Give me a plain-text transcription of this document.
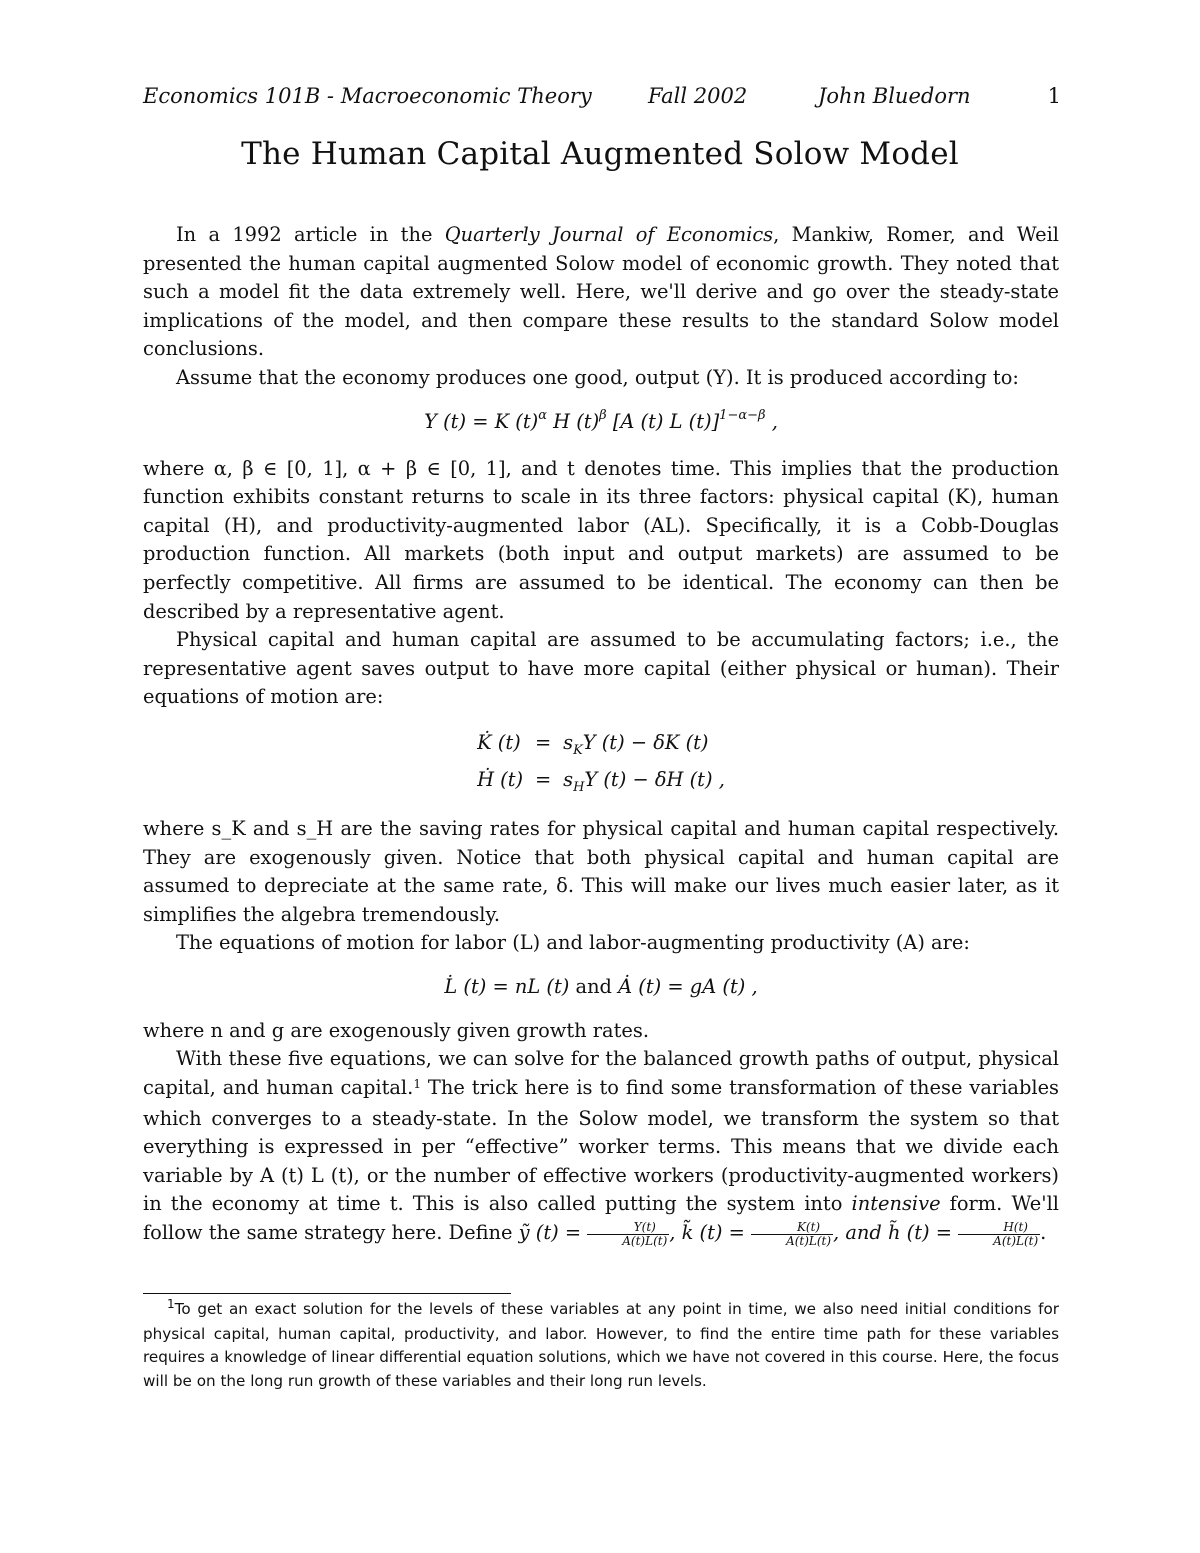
Economics 101B - Macroeconomic Theory	Fall 2002	John Bluedorn	1
The Human Capital Augmented Solow Model

In a 1992 article in the Quarterly Journal of Economics, Mankiw, Romer, and Weil presented the human capital augmented Solow model of economic growth. They noted that such a model fit the data extremely well. Here, we'll derive and go over the steady-state implications of the model, and then compare these results to the standard Solow model conclusions.

Assume that the economy produces one good, output (Y). It is produced according to:

Y (t) = K $(t)^\alpha$ H $(t)^\beta$ [A (t) L (t)]$^{1-\alpha-\beta}$ ,

where α, β ∈ [0, 1], α + β ∈ [0, 1], and t denotes time. This implies that the production function exhibits constant returns to scale in its three factors: physical capital (K), human capital (H), and productivity-augmented labor (AL). Specifically, it is a Cobb-Douglas production function. All markets (both input and output markets) are assumed to be perfectly competitive. All firms are assumed to be identical. The economy can then be described by a representative agent.

Physical capital and human capital are assumed to be accumulating factors; i.e., the representative agent saves output to have more capital (either physical or human). Their equations of motion are:

K̇ $(t) = s_KY$ (t) − δK (t)
Ḣ $(t) = s_HY$ (t) − δH (t) ,

where s_K and s_H are the saving rates for physical capital and human capital respectively. They are exogenously given. Notice that both physical capital and human capital are assumed to depreciate at the same rate, δ. This will make our lives much easier later, as it simplifies the algebra tremendously.

The equations of motion for labor (L) and labor-augmenting productivity (A) are:

L̇ (t) = nL (t) and Ȧ (t) = gA (t) ,

where n and g are exogenously given growth rates.

With these five equations, we can solve for the balanced growth paths of output, physical capital, and human capital.$^1$ The trick here is to find some transformation of these variables which converges to a steady-state. In the Solow model, we transform the system so that everything is expressed in per “effective” worker terms. This means that we divide each variable by A (t) L (t), or the number of effective workers (productivity-augmented workers) in the economy at time t. This is also called putting the system into intensive form. We'll follow the same strategy here. Define ỹ $(t) = \frac{Y(t)}{A(t)L(t)}$ , k̃ $(t) = \frac{K(t)}{A(t)L(t)}$ , and h̃ $(t) = \frac{H(t)}{A(t)L(t)}$ .

$^1$To get an exact solution for the levels of these variables at any point in time, we also need initial conditions for physical capital, human capital, productivity, and labor. However, to find the entire time path for these variables requires a knowledge of linear differential equation solutions, which we have not covered in this course. Here, the focus will be on the long run growth of these variables and their long run levels.
